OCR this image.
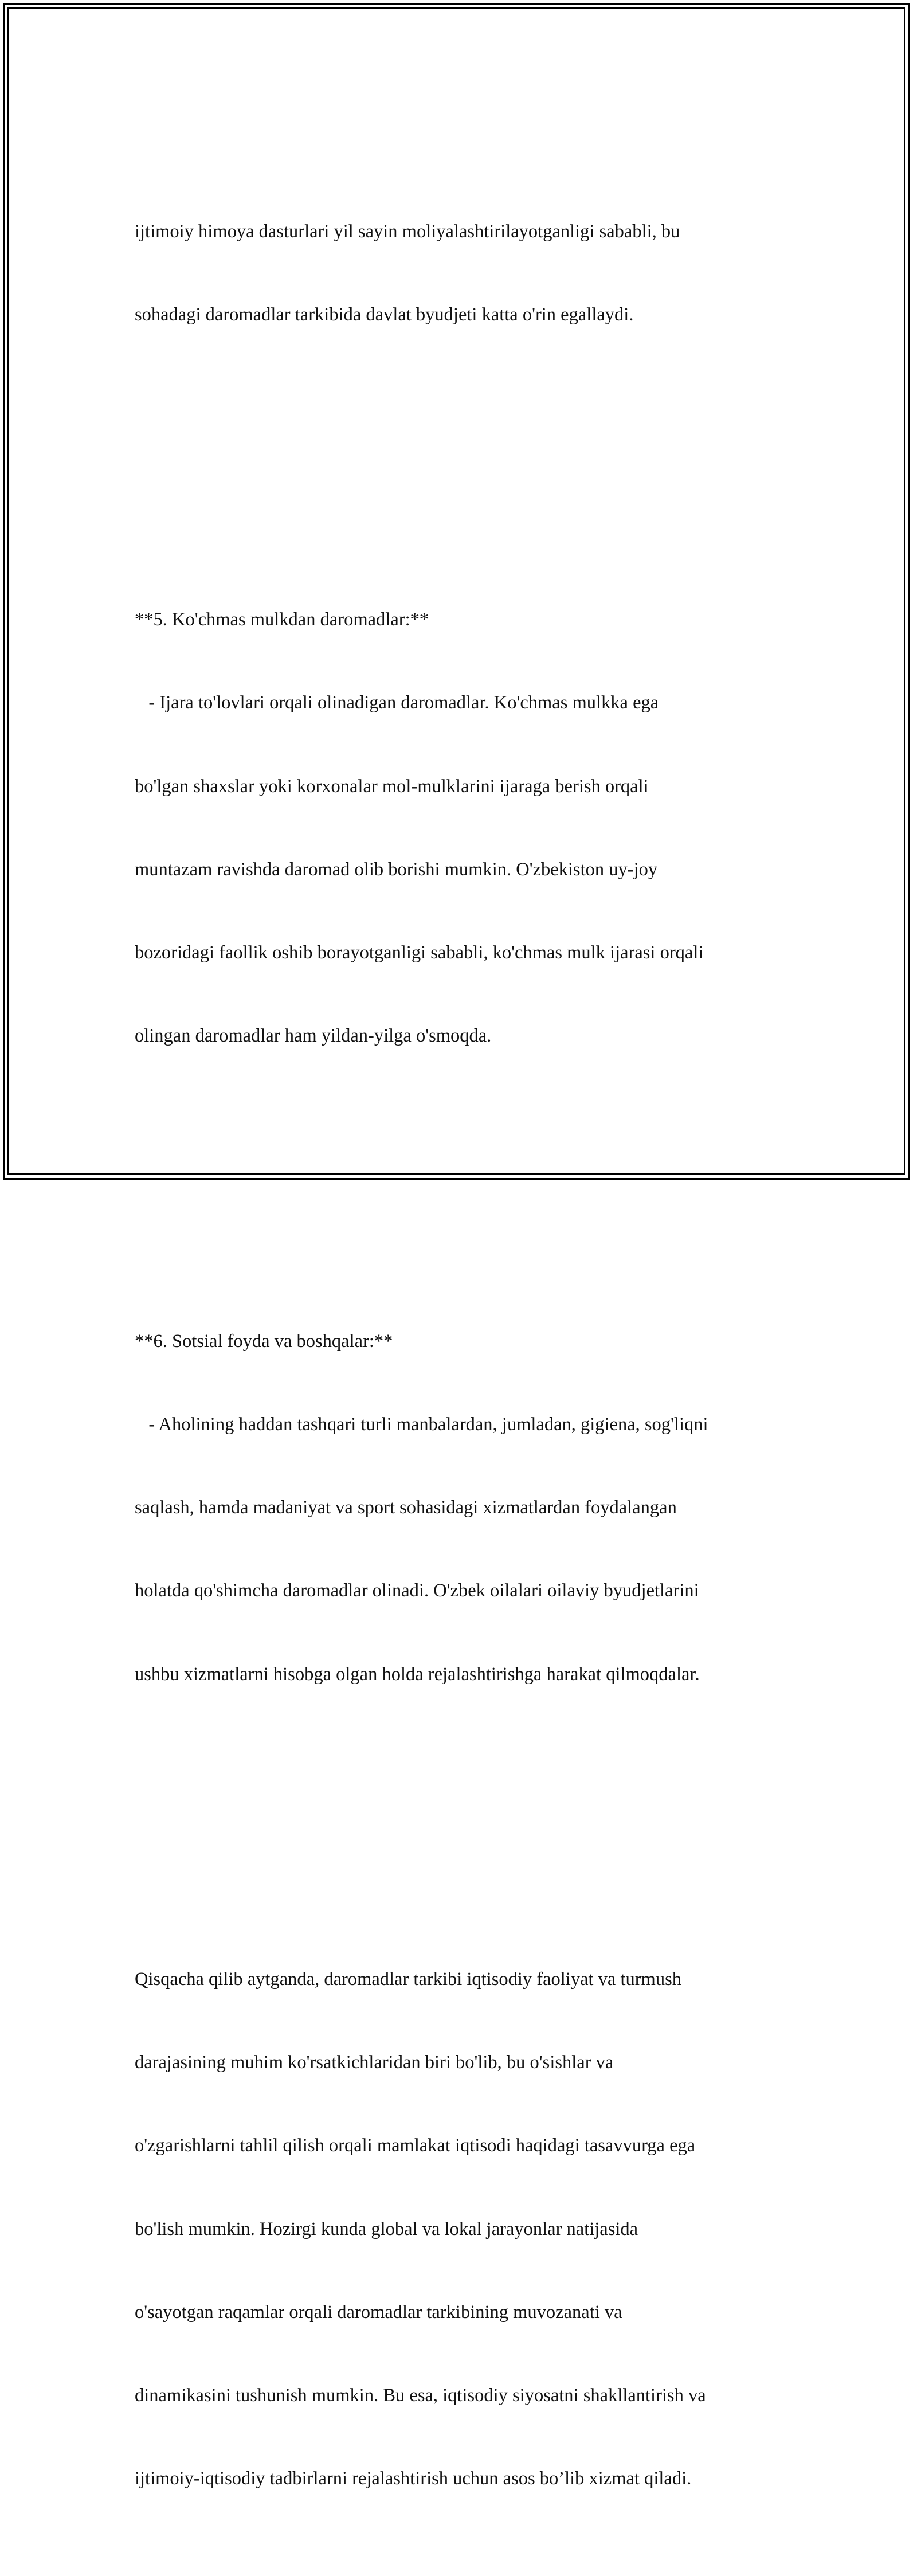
ijtimoiy himoya dasturlari yil sayin moliyalashtirilayotganligi sababli, bu

sohadagi daromadlar tarkibida davlat byudjeti katta o'rin egallaydi.

**5. Ko'chmas mulkdan daromadlar:**

- Ijara to'lovlari orqali olinadigan daromadlar. Ko'chmas mulkka ega

bo'lgan shaxslar yoki korxonalar mol-mulklarini ijaraga berish orqali

muntazam ravishda daromad olib borishi mumkin. O'zbekiston uy-joy

bozoridagi faollik oshib borayotganligi sababli, ko'chmas mulk ijarasi orqali

olingan daromadlar ham yildan-yilga o'smoqda.

**6. Sotsial foyda va boshqalar:**

- Aholining haddan tashqari turli manbalardan, jumladan, gigiena, sog'liqni

saqlash, hamda madaniyat va sport sohasidagi xizmatlardan foydalangan

holatda qo'shimcha daromadlar olinadi. O'zbek oilalari oilaviy byudjetlarini

ushbu xizmatlarni hisobga olgan holda rejalashtirishga harakat qilmoqdalar.

Qisqacha qilib aytganda, daromadlar tarkibi iqtisodiy faoliyat va turmush

darajasining muhim ko'rsatkichlaridan biri bo'lib, bu o'sishlar va

o'zgarishlarni tahlil qilish orqali mamlakat iqtisodi haqidagi tasavvurga ega

bo'lish mumkin. Hozirgi kunda global va lokal jarayonlar natijasida

o'sayotgan raqamlar orqali daromadlar tarkibining muvozanati va

dinamikasini tushunish mumkin. Bu esa, iqtisodiy siyosatni shakllantirish va

ijtimoiy-iqtisodiy tadbirlarni rejalashtirish uchun asos bo’lib xizmat qiladi.
